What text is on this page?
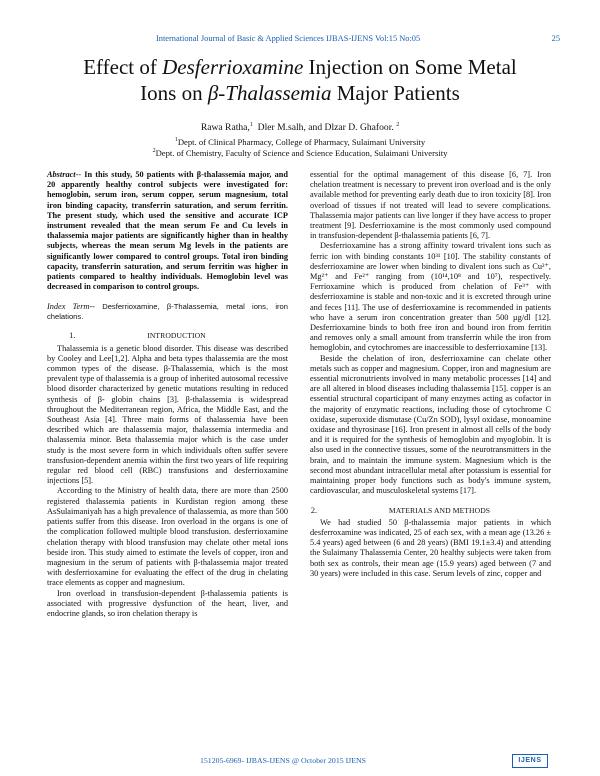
International Journal of Basic & Applied Sciences IJBAS-IJENS Vol:15 No:05	25
Effect of Desferrioxamine Injection on Some Metal
Ions on β-Thalassemia Major Patients
Rawa Ratha,$^1$ Dler M.salh, and Dlzar D. Ghafoor. $^2$
$^1$Dept. of Clinical Pharmacy, College of Pharmacy, Sulaimani University
$^2$Dept. of Chemistry, Faculty of Science and Science Education, Sulaimani University

Abstract-- In this study, 50 patients with β-thalassemia major, and 20 apparently healthy control subjects were investigated for: hemoglobin, serum iron, serum copper, serum magnesium, total iron binding capacity, transferrin saturation, and serum ferritin. The present study, which used the sensitive and accurate ICP instrument revealed that the mean serum Fe and Cu levels in thalassemia major patients are significantly higher than in healthy subjects, whereas the mean serum Mg levels in the patients are significantly lower compared to control groups. Total iron binding capacity, transferrin saturation, and serum ferritin was higher in patients compared to healthy individuals. Hemoglobin level was decreased in comparison to control groups.

Index Term-- Desferrioxamine, β-Thalassemia, metal ions, iron chelations.

1.	INTRODUCTION

Thalassemia is a genetic blood disorder. This disease was described by Cooley and Lee[1,2]. Alpha and beta types thalassemia are the most common types of the disease. β-Thalassemia, which is the most prevalent type of thalassemia is a group of inherited autosomal recessive blood disorder characterized by genetic mutations resulting in reduced synthesis of β- globin chains [3]. β-thalassemia is widespread throughout the Mediterranean region, Africa, the Middle East, and the Southeast Asia [4]. Three main forms of thalassemia have been described which are thalassemia major, thalassemia intermedia and thalassemia minor. Beta thalassemia major which is the case under study is the most severe form in which individuals often suffer severe transfusion-dependent anemia within the first two years of life requiring regular red blood cell (RBC) transfusions and desferrioxamine injections [5].

According to the Ministry of health data, there are more than 2500 registered thalassemia patients in Kurdistan region among these AsSulaimaniyah has a high prevalence of thalassemia, as more than 500 patients suffer from this disease. Iron overload in the organs is one of the complication followed multiple blood transfusion. desferrioxamine chelation therapy with blood transfusion may chelate other metal ions beside iron. This study aimed to estimate the levels of copper, iron and magnesium in the serum of patients with β-thalassemia major treated with desferrioxamine for evaluating the effect of the drug in chelating trace elements as copper and magnesium.

Iron overload in transfusion-dependent β-thalassemia patients is associated with progressive dysfunction of the heart, liver, and endocrine glands, so iron chelation therapy is

essential for the optimal management of this disease [6, 7]. Iron chelation treatment is necessary to prevent iron overload and is the only available method for preventing early death due to iron toxicity [8]. Iron overload of tissues if not treated will lead to severe complications. Thalassemia major patients can live longer if they have access to proper treatment [9]. Desferrioxamine is the most commonly used compound in transfusion-dependent β-thalassemia patients [6, 7].

Desferrioxamine has a strong affinity toward trivalent ions such as ferric ion with binding constants 10³¹ [10]. The stability constants of desferrioxamine are lower when binding to divalent ions such as Cu²⁺, Mg²⁺ and Fe²⁺ ranging from (10¹⁴,10⁸ and 10⁷), respectively. Ferrioxamine which is produced from chelation of Fe³⁺ with desferrioxamine is stable and non-toxic and it is excreted through urine and feces [11]. The use of desferrioxamine is recommended in patients who have a serum iron concentration greater than 500 µg/dl [12]. Desferrioxamine binds to both free iron and bound iron from ferritin and removes only a small amount from transferrin while the iron from hemoglobin, and cytochromes are inaccessible to desferrioxamine [13].

Beside the chelation of iron, desferrioxamine can chelate other metals such as copper and magnesium. Copper, iron and magnesium are essential micronutrients involved in many metabolic processes [14] and are all altered in blood diseases including thalassemia [15]. copper is an essential structural coparticipant of many enzymes acting as cofactor in the majority of enzymatic reactions, including those of cytochrome C oxidase, superoxide dismutase (Cu/Zn SOD), lysyl oxidase, monoamine oxidase and thyrosinase [16]. Iron present in almost all cells of the body and it is required for the synthesis of hemoglobin and myoglobin. It is also used in the connective tissues, some of the neurotransmitters in the brain, and to maintain the immune system. Magnesium which is the second most abundant intracellular metal after potassium is essential for maintaining proper body functions such as body's immune system, cardiovascular, and musculoskeletal systems [17].

2.	MATERIALS AND METHODS

We had studied 50 β-thalassemia major patients in which desferroxamine was indicated, 25 of each sex, with a mean age (13.26 ± 5.4 years) aged between (6 and 28 years) (BMI 19.1±3.4) and attending the Sulaimany Thalassemia Center, 20 healthy subjects were taken from both sex as controls, their mean age (15.9 years) aged between (7 and 30 years) were included in this case. Serum levels of zinc, copper and

151205-6969- IJBAS-IJENS @ October 2015 IJENS	IJENS
